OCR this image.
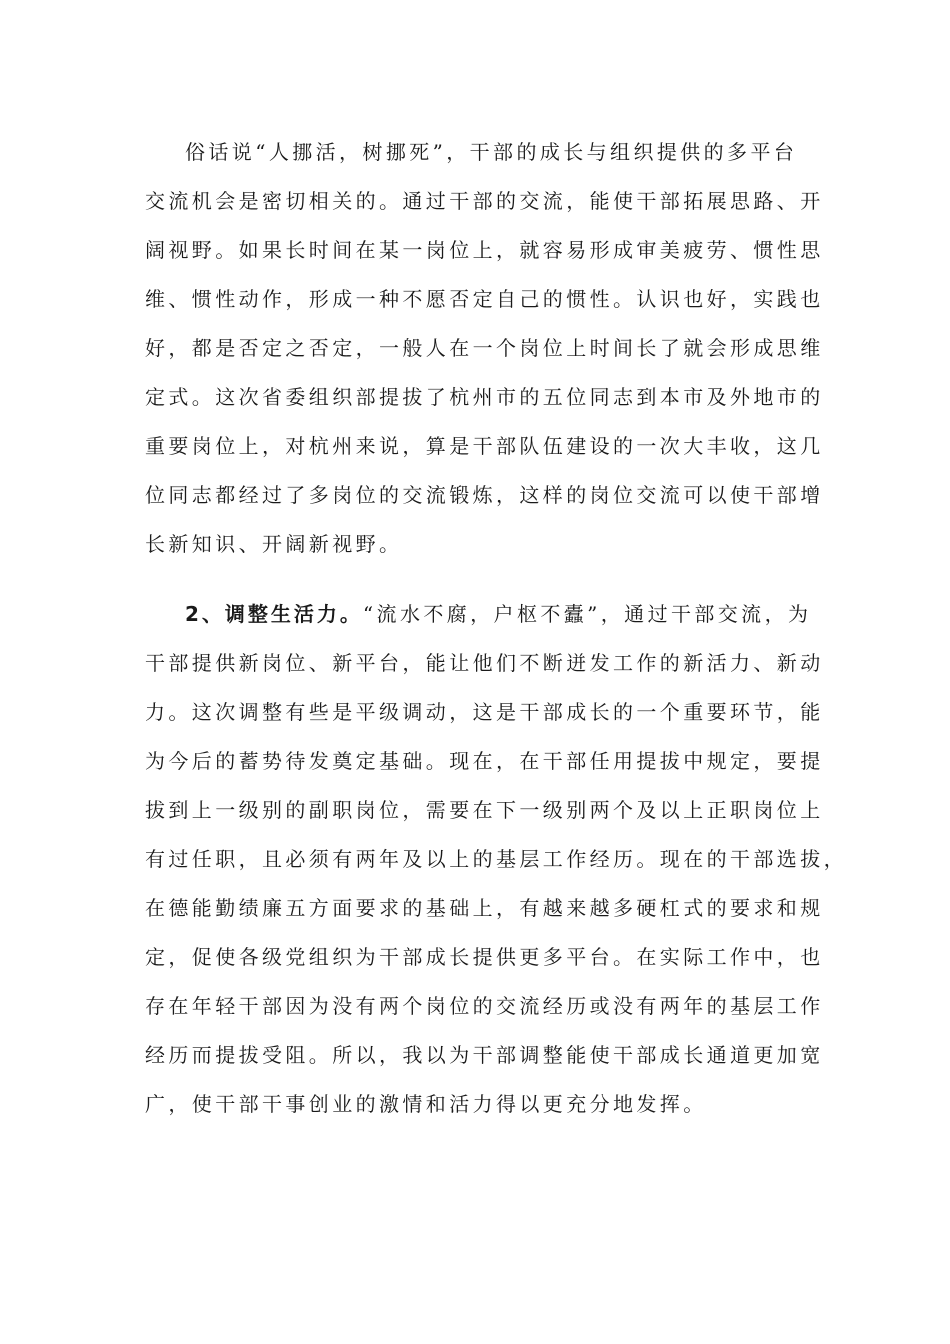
俗话说“人挪活，树挪死”，干部的成长与组织提供的多平台
交流机会是密切相关的。通过干部的交流，能使干部拓展思路、开
阔视野。如果长时间在某一岗位上，就容易形成审美疲劳、惯性思
维、惯性动作，形成一种不愿否定自己的惯性。认识也好，实践也
好，都是否定之否定，一般人在一个岗位上时间长了就会形成思维
定式。这次省委组织部提拔了杭州市的五位同志到本市及外地市的
重要岗位上，对杭州来说，算是干部队伍建设的一次大丰收，这几
位同志都经过了多岗位的交流锻炼，这样的岗位交流可以使干部增
长新知识、开阔新视野。
2、调整生活力。“流水不腐，户枢不蠹”，通过干部交流，为
干部提供新岗位、新平台，能让他们不断迸发工作的新活力、新动
力。这次调整有些是平级调动，这是干部成长的一个重要环节，能
为今后的蓄势待发奠定基础。现在，在干部任用提拔中规定，要提
拔到上一级别的副职岗位，需要在下一级别两个及以上正职岗位上
有过任职，且必须有两年及以上的基层工作经历。现在的干部选拔，
在德能勤绩廉五方面要求的基础上，有越来越多硬杠式的要求和规
定，促使各级党组织为干部成长提供更多平台。在实际工作中，也
存在年轻干部因为没有两个岗位的交流经历或没有两年的基层工作
经历而提拔受阻。所以，我以为干部调整能使干部成长通道更加宽
广，使干部干事创业的激情和活力得以更充分地发挥。
